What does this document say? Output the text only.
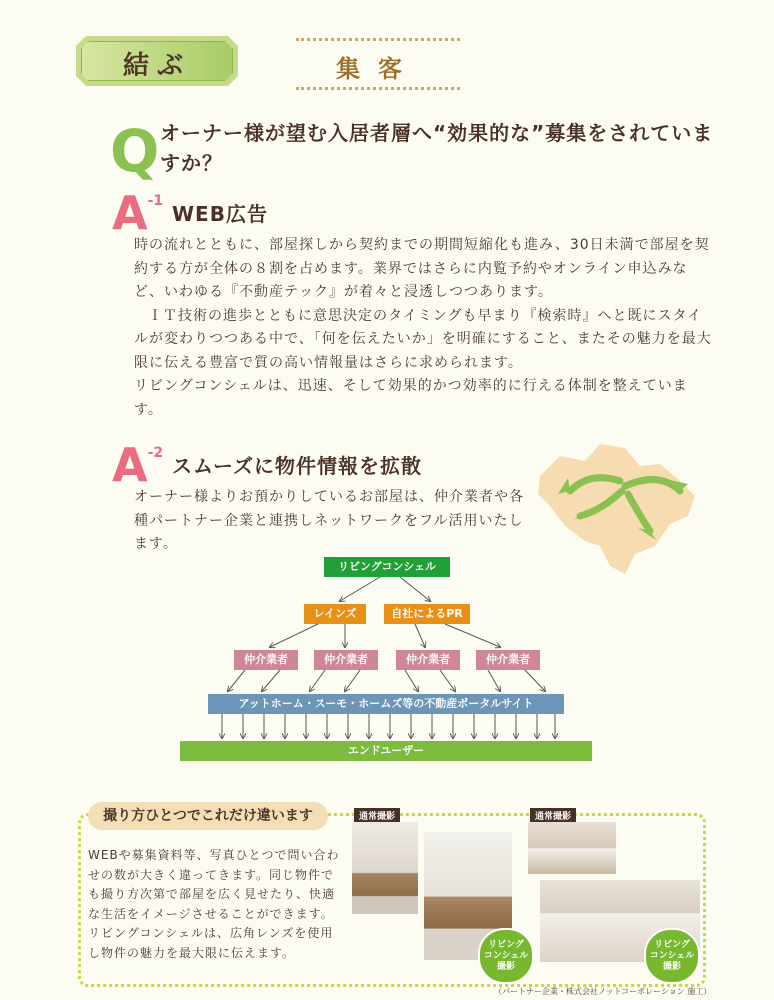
結ぶ	集客
Q オーナー様が望む入居者層へ“効果的な”募集をされていますか？
A-1
WEB広告
時の流れとともに、部屋探しから契約までの期間短縮化も進み、30日未満で部屋を契約する方が全体の８割を占めます。業界ではさらに内覧予約やオンライン申込みなど、いわゆる『不動産テック』が着々と浸透しつつあります。
ＩＴ技術の進歩とともに意思決定のタイミングも早まり『検索時』へと既にスタイルが変わりつつある中で、「何を伝えたいか」を明確にすること、またその魅力を最大限に伝える豊富で質の高い情報量はさらに求められます。
リビングコンシェルは、迅速、そして効果的かつ効率的に行える体制を整えています。
A-2
スムーズに物件情報を拡散
オーナー様よりお預かりしているお部屋は、仲介業者や各種パートナー企業と連携しネットワークをフル活用いたします。
リビングコンシェル
レインズ	自社によるPR
仲介業者	仲介業者	仲介業者	仲介業者
アットホーム・スーモ・ホームズ等の不動産ポータルサイト
エンドユーザー
撮り方ひとつでこれだけ違います
WEBや募集資料等、写真ひとつで問い合わせの数が大きく違ってきます。同じ物件でも撮り方次第で部屋を広く見せたり、快適な生活をイメージさせることができます。リビングコンシェルは、広角レンズを使用し物件の魅力を最大限に伝えます。
通常撮影
リビング
コンシェル
撮影
通常撮影
リビング
コンシェル
撮影
（パートナー企業・株式会社ノットコーポレーション 施工）
